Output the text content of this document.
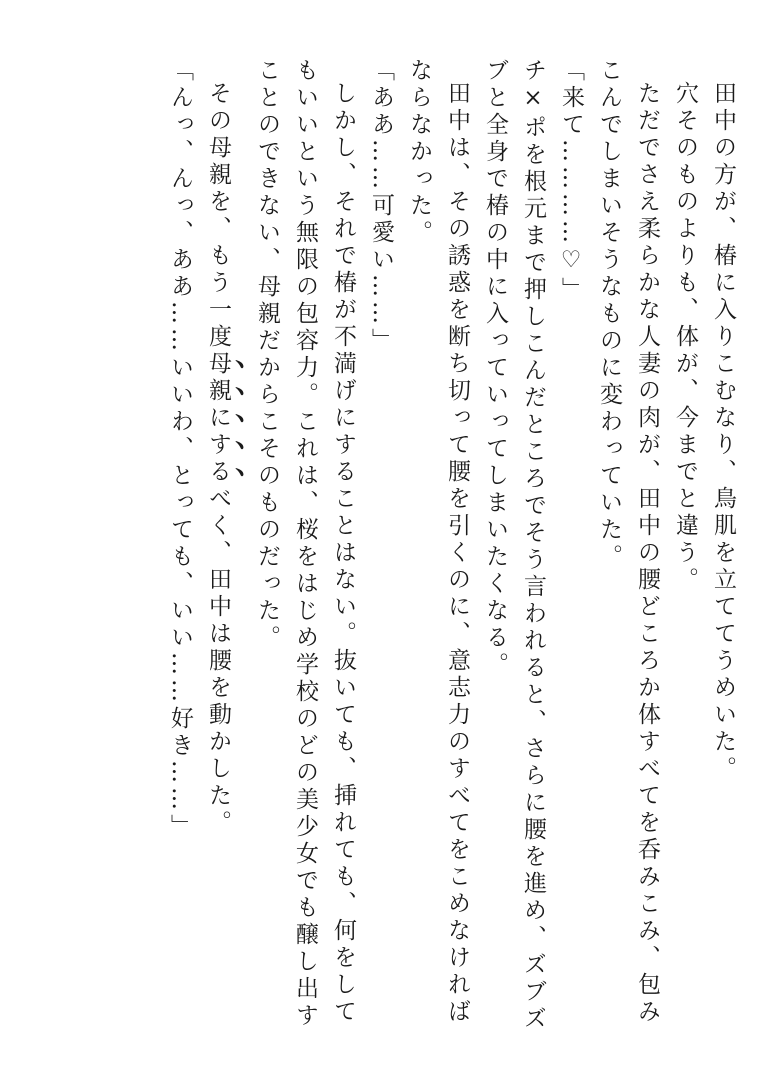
田中の方が、椿に入りこむなり、鳥肌を立ててうめいた。

穴そのものよりも、体が、今までと違う。

ただでさえ柔らかな人妻の肉が、田中の腰どころか体すべてを呑みこみ、包みこんでしまいそうなものに変わっていた。

「来て…………♡」

チ×ポを根元まで押しこんだところでそう言われると、さらに腰を進め、ズブズブと全身で椿の中に入っていってしまいたくなる。

田中は、その誘惑を断ち切って腰を引くのに、意志力のすべてをこめなければならなかった。

「ああ……可愛い……」

しかし、それで椿が不満げにすることはない。抜いても、挿れても、何をしてもいいという無限の包容力。これは、桜をはじめ学校のどの美少女でも醸し出すことのできない、母親だからこそのものだった。

その母親を、もう一度母親にするべく、田中は腰を動かした。

「んっ、んっ、ああ……いいわ、とっても、いい……好き……」
